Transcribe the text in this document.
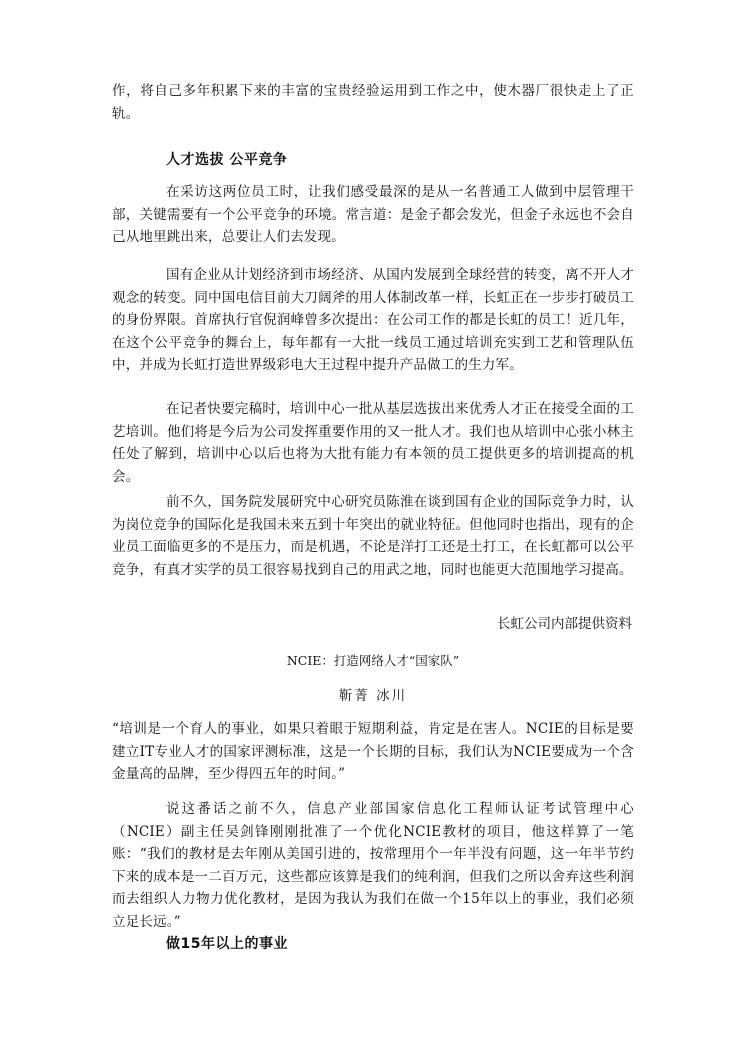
作，将自己多年积累下来的丰富的宝贵经验运用到工作之中，使木器厂很快走上了正轨。

人才选拔 公平竞争

在采访这两位员工时，让我们感受最深的是从一名普通工人做到中层管理干部，关键需要有一个公平竞争的环境。常言道：是金子都会发光，但金子永远也不会自己从地里跳出来，总要让人们去发现。

国有企业从计划经济到市场经济、从国内发展到全球经营的转变，离不开人才观念的转变。同中国电信目前大刀阔斧的用人体制改革一样，长虹正在一步步打破员工的身份界限。首席执行官倪润峰曾多次提出：在公司工作的都是长虹的员工！近几年，在这个公平竞争的舞台上，每年都有一大批一线员工通过培训充实到工艺和管理队伍中，并成为长虹打造世界级彩电大王过程中提升产品做工的生力军。

在记者快要完稿时，培训中心一批从基层选拔出来优秀人才正在接受全面的工艺培训。他们将是今后为公司发挥重要作用的又一批人才。我们也从培训中心张小林主任处了解到，培训中心以后也将为大批有能力有本领的员工提供更多的培训提高的机会。

前不久，国务院发展研究中心研究员陈淮在谈到国有企业的国际竞争力时，认为岗位竞争的国际化是我国未来五到十年突出的就业特征。但他同时也指出，现有的企业员工面临更多的不是压力，而是机遇，不论是洋打工还是土打工，在长虹都可以公平竞争，有真才实学的员工很容易找到自己的用武之地，同时也能更大范围地学习提高。

长虹公司内部提供资料
NCIE：打造网络人才“国家队”
靳菁 冰川

“培训是一个育人的事业，如果只着眼于短期利益，肯定是在害人。NCIE的目标是要建立IT专业人才的国家评测标准，这是一个长期的目标，我们认为NCIE要成为一个含金量高的品牌，至少得四五年的时间。”

说这番话之前不久，信息产业部国家信息化工程师认证考试管理中心（NCIE）副主任吴剑锋刚刚批准了一个优化NCIE教材的项目，他这样算了一笔账：“我们的教材是去年刚从美国引进的，按常理用个一年半没有问题，这一年半节约下来的成本是一二百万元，这些都应该算是我们的纯利润，但我们之所以舍弃这些利润而去组织人力物力优化教材，是因为我认为我们在做一个15年以上的事业，我们必须立足长远。”

做15年以上的事业
